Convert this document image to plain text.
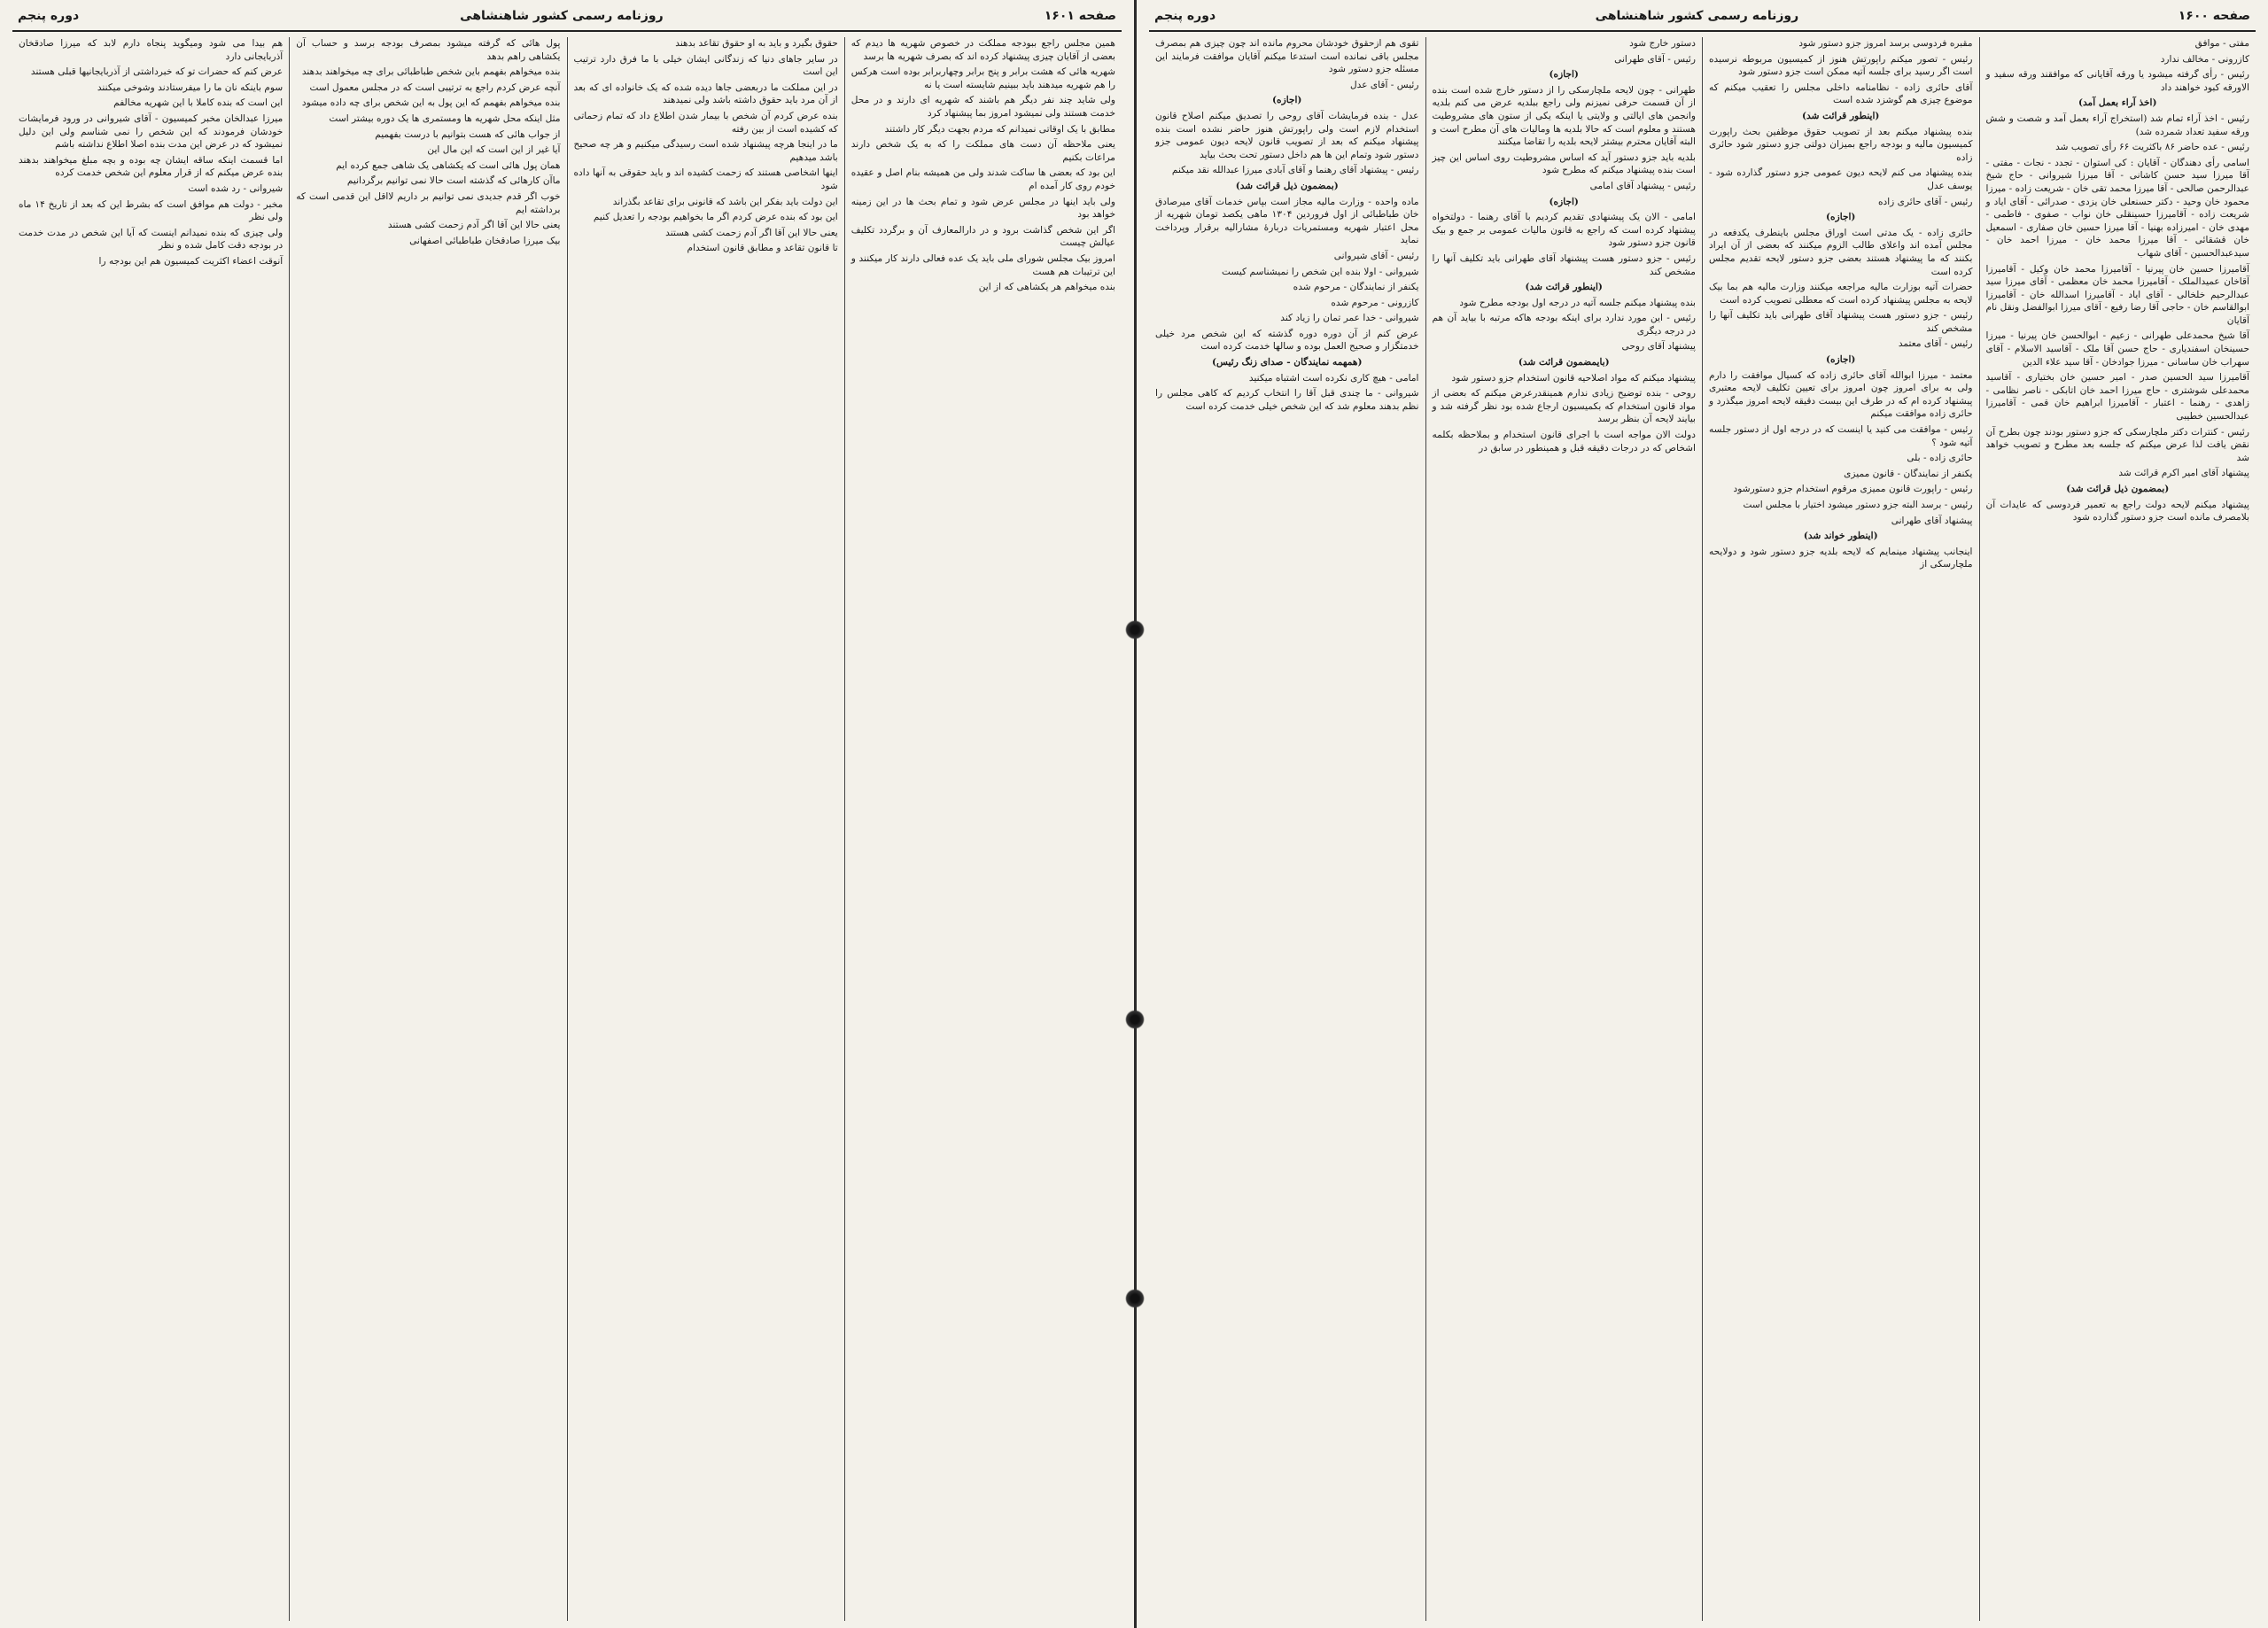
صفحه ۱۶۰۰
روزنامه رسمی کشور شاهنشاهی
دوره پنجم

مفتی - موافق

کازرونی - مخالف ندارد

رئیس - رأی گرفته میشود یا ورقه آقایانی که موافقند ورقه سفید و الاورقه کبود خواهند داد

(اخذ آراء بعمل آمد)

رئیس - اخذ آراء تمام شد (استخراج آراء بعمل آمد و شصت و شش ورقه سفید تعداد شمرده شد)

رئیس - عده حاضر ۸۶ باکثریت ۶۶ رأی تصویب شد

اسامی رأی دهندگان - آقایان : کی استوان - تجدد - نجات - مفتی - آقا میرزا سید حسن کاشانی - آقا میرزا شیروانی - حاج شیخ عبدالرحمن صالحی - آقا میرزا محمد تقی خان - شریعت زاده - میرزا محمود خان وحید - دکتر حسنعلی خان یزدی - صدرائی - آقای ایاد و شریعت زاده - آقامیرزا حسینقلی خان نواب - صفوی - فاطمی - مهدی خان - امیرزاده بهنیا - آقا میرزا حسین خان صفاری - اسمعیل خان قشقائی - آقا میرزا محمد خان - میرزا احمد خان - سیدعبدالحسین - آقای شهاب

آقامیرزا حسین خان پیرنیا - آقامیرزا محمد خان وکیل - آقامیرزا آقاخان عمیدالملک - آقامیرزا محمد خان معظمی - آقای میرزا سید عبدالرحیم خلخالی - آقای ایاد - آقامیرزا اسدالله خان - آقامیرزا ابوالقاسم خان - حاجی آقا رضا رفیع - آقای میرزا ابوالفضل ونقل نام آقایان

آقا شیخ محمدعلی طهرانی - زعیم - ابوالحسن خان پیرنیا - میرزا حسینخان اسفندیاری - حاج حسن آقا ملک - آقاسید الاسلام - آقای سهراب خان ساسانی - میرزا جوادخان - آقا سید علاء الدین

آقامیرزا سید الحسین صدر - امیر حسین خان بختیاری - آقاسید محمدعلی شوشتری - حاج میرزا احمد خان اتابکی - ناصر نظامی - زاهدی - رهنما - اعتبار - آقامیرزا ابراهیم خان قمی - آقامیرزا عبدالحسین خطیبی

رئیس - کنترات دکتر ملچارسکی که جزو دستور بودند چون بطرح آن نقض یافت لذا عرض میکنم که جلسه بعد مطرح و تصویب خواهد شد

پیشنهاد آقای امیر اکرم قرائت شد

(بمضمون ذیل قرائت شد)

پیشنهاد میکنم لایحه دولت راجع به تعمیر فردوسی که عایدات آن بلامصرف مانده است جزو دستور گذارده شود

مقبره فردوسی برسد امروز جزو دستور شود

رئیس - تصور میکنم راپورتش هنوز از کمیسیون مربوطه نرسیده است اگر رسید برای جلسه آتیه ممکن است جزو دستور شود

آقای حائری زاده - نظامنامه داخلی مجلس را تعقیب میکنم که موضوع چیزی هم گوشزد شده است

(اینطور قرائت شد)

بنده پیشنهاد میکنم بعد از تصویب حقوق موظفین بحث راپورت کمیسیون مالیه و بودجه راجع بمیزان دولتی جزو دستور شود حائری زاده

بنده پیشنهاد می کنم لایحه دیون عمومی جزو دستور گذارده شود - یوسف عدل

رئیس - آقای حائری زاده

(اجازه)

حائری زاده - یک مدتی است اوراق مجلس باینطرف یکدفعه در مجلس آمده اند واعلای طالب الزوم میکنند که بعضی از آن ایراد بکنند که ما پیشنهاد هستند بعضی جزو دستور لایحه تقدیم مجلس کرده است

حضرات آتیه بوزارت مالیه مراجعه میکنند وزارت مالیه هم بما بیک لایحه به مجلس پیشنهاد کرده است که معطلی تصویب کرده است

رئیس - جزو دستور هست پیشنهاد آقای طهرانی باید تکلیف آنها را مشخص کند

رئیس - آقای معتمد

(اجازه)

معتمد - میرزا ابوالله آقای حائری زاده که کسیال موافقت را دارم ولی به برای امروز چون امروز برای تعیین تکلیف لایحه معتبری پیشنهاد کرده ام که در طرف این بیست دقیقه لایحه امروز میگذرد و حائری زاده موافقت میکنم

رئیس - موافقت می کنید یا اینست که در درجه اول از دستور جلسه آتیه شود ؟

حائری زاده - بلی

یکنفر از نمایندگان - قانون ممیزی

رئیس - راپورت قانون ممیزی مرقوم استخدام جزو دستورشود

رئیس - برسد البته جزو دستور میشود اختیار با مجلس است

پیشنهاد آقای طهرانی

(اینطور خواند شد)

اینجانب پیشنهاد مینمایم که لایحه بلدیه جزو دستور شود و دولایحه ملچارسکی از

دستور خارج شود

رئیس - آقای طهرانی

(اجازه)

طهرانی - چون لایحه ملچارسکی را از دستور خارج شده است بنده از آن قسمت حرفی نمیزنم ولی راجع ببلدیه عرض می کنم بلدیه وانجمن های ایالتی و ولایتی یا اینکه یکی از ستون های مشروطیت هستند و معلوم است که حالا بلدیه ها ومالیات های آن مطرح است و البته آقایان محترم بیشتر لایحه بلدیه را تقاضا میکنند

بلدیه باید جزو دستور آید که اساس مشروطیت روی اساس این چیز است بنده پیشنهاد میکنم که مطرح شود

رئیس - پیشنهاد آقای امامی

(اجازه)

امامی - الان یک پیشنهادی تقدیم کردیم با آقای رهنما - دولتخواه پیشنهاد کرده است که راجع به قانون مالیات عمومی بر جمع و بیک قانون جزو دستور شود

رئیس - جزو دستور هست پیشنهاد آقای طهرانی باید تکلیف آنها را مشخص کند

(اینطور قرائت شد)

بنده پیشنهاد میکنم جلسه آتیه در درجه اول بودجه مطرح شود

رئیس - این مورد ندارد برای اینکه بودجه هاکه مرتبه با بیاید آن هم در درجه دیگری

پیشنهاد آقای روحی

(بایمضمون قرائت شد)

پیشنهاد میکنم که مواد اصلاحیه قانون استخدام جزو دستور شود

روحی - بنده توضیح زیادی ندارم همینقدرعرض میکنم که بعضی از مواد قانون استخدام که بکمیسیون ارجاع شده بود نظر گرفته شد و بیایند لایحه آن بنظر برسد

دولت الان مواجه است با اجرای قانون استخدام و بملاحظه بکلمه اشخاص که در درجات دقیقه قبل و همینطور در سابق در

تقوی هم ازحقوق خودشان محروم مانده اند چون چیزی هم بمصرف مجلس باقی نمانده است استدعا میکنم آقایان موافقت فرمایند این مسئله جزو دستور شود

رئیس - آقای عدل

(اجازه)

عدل - بنده فرمایشات آقای روحی را تصدیق میکنم اصلاح قانون استخدام لازم است ولی راپورتش هنوز حاضر نشده است بنده پیشنهاد میکنم که بعد از تصویب قانون لایحه دیون عمومی جزو دستور شود وتمام این ها هم داخل دستور تحت بحث بیاید

رئیس - پیشنهاد آقای رهنما و آقای آبادی میرزا عبدالله نقد میکنم

(بمضمون ذیل قرائت شد)

ماده واحده - وزارت مالیه مجاز است بپاس خدمات آقای میرصادق خان طباطبائی از اول فروردین ۱۳۰۴ ماهی یکصد تومان شهریه از محل اعتبار شهریه ومستمریات دربارۀ مشارالیه برقرار وپرداخت نماید

رئیس - آقای شیروانی

شیروانی - اولا بنده این شخص را نمیشناسم کیست

یکنفر از نمایندگان - مرحوم شده

کازرونی - مرحوم شده

شیروانی - خدا عمر تمان را زیاد کند

عرض کنم از آن دوره دوره گذشته که این شخص مرد خیلی خدمتگزار و صحیح العمل بوده و سالها خدمت کرده است

(همهمه نمایندگان - صدای زنگ رئیس)

امامی - هیچ کاری نکرده است اشتباه میکنید

شیروانی - ما چندی قبل آقا را انتخاب کردیم که کاهی مجلس را نظم بدهند معلوم شد که این شخص خیلی خدمت کرده است

صفحه ۱۶۰۱
روزنامه رسمی کشور شاهنشاهی
دوره پنجم

همین مجلس راجع ببودجه مملکت در خصوص شهریه ها دیدم که بعضی از آقایان چیزی پیشنهاد کرده اند که بصرف شهریه ها برسد

شهریه هائی که هشت برابر و پنج برابر وچهاربرابر بوده است هرکس را هم شهریه میدهند باید ببینیم شایسته است یا نه

ولی شاید چند نفر دیگر هم باشند که شهریه ای دارند و در محل خدمت هستند ولی نمیشود امروز بما پیشنهاد کرد

مطابق با یک اوقاتی نمیدانم که مردم بجهت دیگر کار داشتند

یعنی ملاحظه آن دست های مملکت را که به یک شخص دارند مراعات بکنیم

این بود که بعضی ها ساکت شدند ولی من همیشه بنام اصل و عقیده خودم روی کار آمده ام

ولی باید اینها در مجلس عرض شود و تمام بحث ها در این زمینه خواهد بود

اگر این شخص گذاشت برود و در دارالمعارف آن و برگردد تکلیف عیالش چیست

امروز بیک مجلس شورای ملی باید یک عده فعالی دارند کار میکنند و این ترتیبات هم هست

بنده میخواهم هر یکشاهی که از این

حقوق بگیرد و باید به او حقوق تقاعد بدهند

در سایر جاهای دنیا که زندگانی ایشان خیلی با ما فرق دارد ترتیب این است

در این مملکت ما دربعضی جاها دیده شده که یک خانواده ای که بعد از آن مرد باید حقوق داشته باشد ولی نمیدهند

بنده عرض کردم آن شخص با بیمار شدن اطلاع داد که تمام زحماتی که کشیده است از بین رفته

ما در اینجا هرچه پیشنهاد شده است رسیدگی میکنیم و هر چه صحیح باشد میدهیم

اینها اشخاصی هستند که زحمت کشیده اند و باید حقوقی به آنها داده شود

این دولت باید بفکر این باشد که قانونی برای تقاعد بگذراند

این بود که بنده عرض کردم اگر ما بخواهیم بودجه را تعدیل کنیم

یعنی حالا این آقا اگر آدم زحمت کشی هستند

تا قانون تقاعد و مطابق قانون استخدام

پول هائی که گرفته میشود بمصرف بودجه برسد و حساب آن یکشاهی راهم بدهد

بنده میخواهم بفهمم باین شخص طباطبائی برای چه میخواهند بدهند

آنچه عرض کردم راجع به ترتیبی است که در مجلس معمول است

بنده میخواهم بفهمم که این پول به این شخص برای چه داده میشود

مثل اینکه محل شهریه ها ومستمری ها یک دوره بیشتر است

از جواب هائی که هست بتوانیم با درست بفهمیم

آیا غیر از این است که این مال این

همان پول هائی است که یکشاهی یک شاهی جمع کرده ایم

ماآن کارهائی که گذشته است حالا نمی توانیم برگردانیم

خوب اگر قدم جدیدی نمی توانیم بر داریم لااقل این قدمی است که برداشته ایم

یعنی حالا این آقا اگر آدم زحمت کشی هستند

بیک میرزا صادقخان طباطبائی اصفهانی

هم بیدا می شود ومیگوید پنجاه دارم لابد که میرزا صادقخان آذربایجانی دارد

عرض کنم که حضرات تو که خبرداشتی از آذربایجانیها قبلی هستند

سوم باینکه نان ما را میفرستادند وشوخی میکنند

این است که بنده کاملا با این شهریه مخالفم

میرزا عبدالخان مخبر کمیسیون - آقای شیروانی در ورود فرمایشات خودشان فرمودند که این شخص را نمی شناسم ولی این دلیل نمیشود که در عرض این مدت بنده اصلا اطلاع نداشته باشم

اما قسمت اینکه ساقه ایشان چه بوده و بچه مبلغ میخواهند بدهند بنده عرض میکنم که از قرار معلوم این شخص خدمت کرده

شیروانی - رد شده است

مخبر - دولت هم موافق است که بشرط این که بعد از تاریخ ۱۴ ماه ولی نظر

ولی چیزی که بنده نمیدانم اینست که آیا این شخص در مدت خدمت در بودجه دقت کامل شده و نظر

آنوقت اعضاء اکثریت کمیسیون هم این بودجه را
